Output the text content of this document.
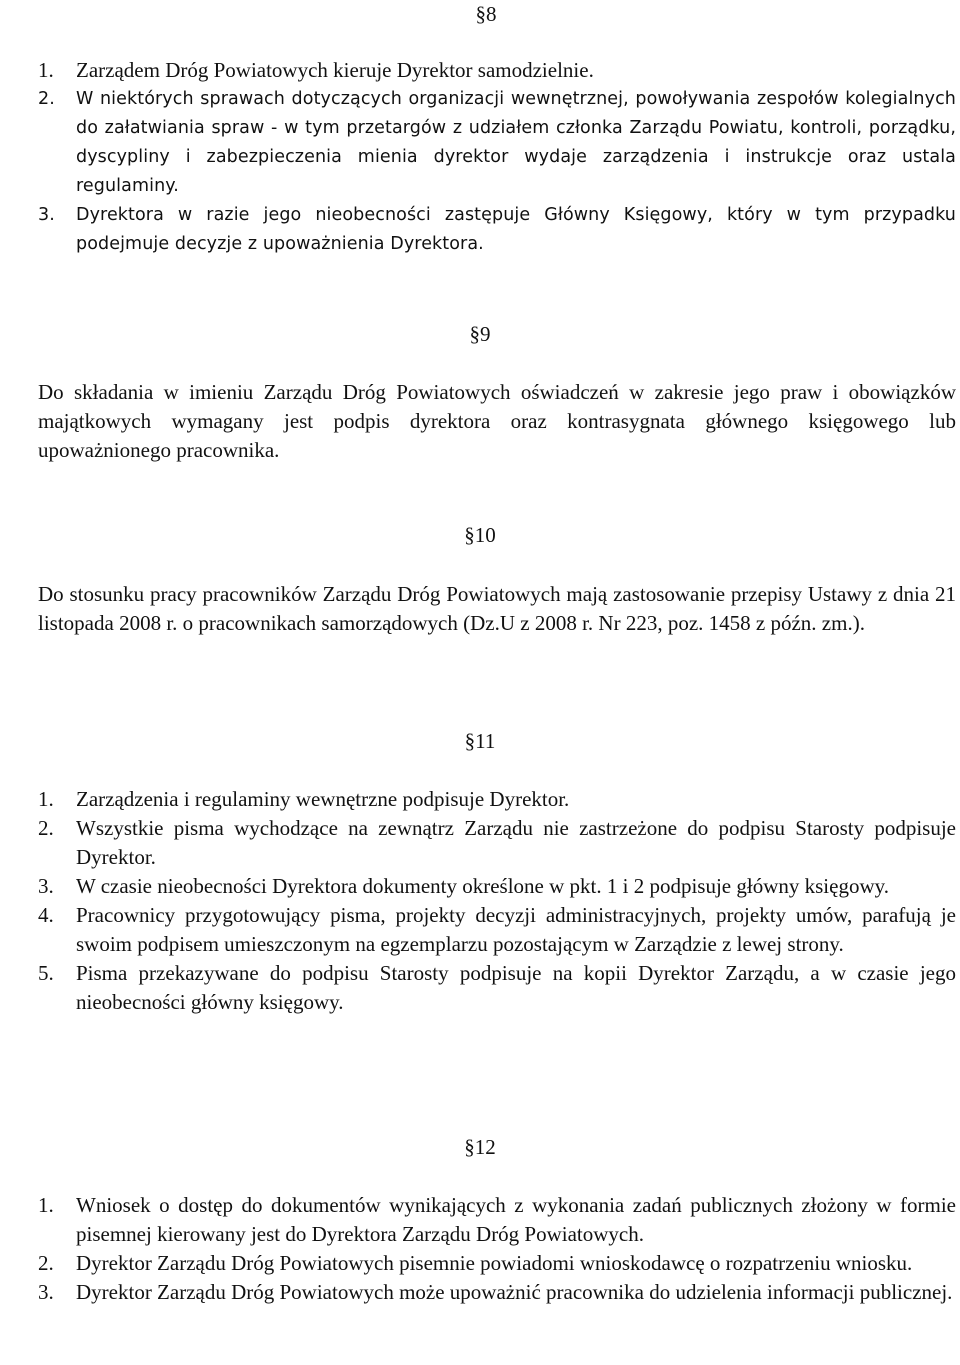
§8
1. Zarządem Dróg Powiatowych kieruje Dyrektor samodzielnie.
2. W niektórych sprawach dotyczących organizacji wewnętrznej, powoływania zespołów kolegialnych do załatwiania spraw - w tym przetargów z udziałem członka Zarządu Powiatu, kontroli, porządku, dyscypliny i zabezpieczenia mienia dyrektor wydaje zarządzenia i instrukcje oraz ustala regulaminy.
3. Dyrektora w razie jego nieobecności zastępuje Główny Księgowy, który w tym przypadku podejmuje decyzje z upoważnienia Dyrektora.
§9

Do składania w imieniu Zarządu Dróg Powiatowych oświadczeń w zakresie jego praw i obowiązków majątkowych wymagany jest podpis dyrektora oraz kontrasygnata głównego księgowego lub upoważnionego pracownika.

§10

Do stosunku pracy pracowników Zarządu Dróg Powiatowych mają zastosowanie przepisy Ustawy z dnia 21 listopada 2008 r. o pracownikach samorządowych (Dz.U z 2008 r. Nr 223, poz. 1458 z późn. zm.).

§11
1. Zarządzenia i regulaminy wewnętrzne podpisuje Dyrektor.
2. Wszystkie pisma wychodzące na zewnątrz Zarządu nie zastrzeżone do podpisu Starosty podpisuje Dyrektor.
3. W czasie nieobecności Dyrektora dokumenty określone w pkt. 1 i 2 podpisuje główny księgowy.
4. Pracownicy przygotowujący pisma, projekty decyzji administracyjnych, projekty umów, parafują je swoim podpisem umieszczonym na egzemplarzu pozostającym w Zarządzie z lewej strony.
5. Pisma przekazywane do podpisu Starosty podpisuje na kopii Dyrektor Zarządu, a w czasie jego nieobecności główny księgowy.
§12
1. Wniosek o dostęp do dokumentów wynikających z wykonania zadań publicznych złożony w formie pisemnej kierowany jest do Dyrektora Zarządu Dróg Powiatowych.
2. Dyrektor Zarządu Dróg Powiatowych pisemnie powiadomi wnioskodawcę o rozpatrzeniu wniosku.
3. Dyrektor Zarządu Dróg Powiatowych może upoważnić pracownika do udzielenia informacji publicznej.
